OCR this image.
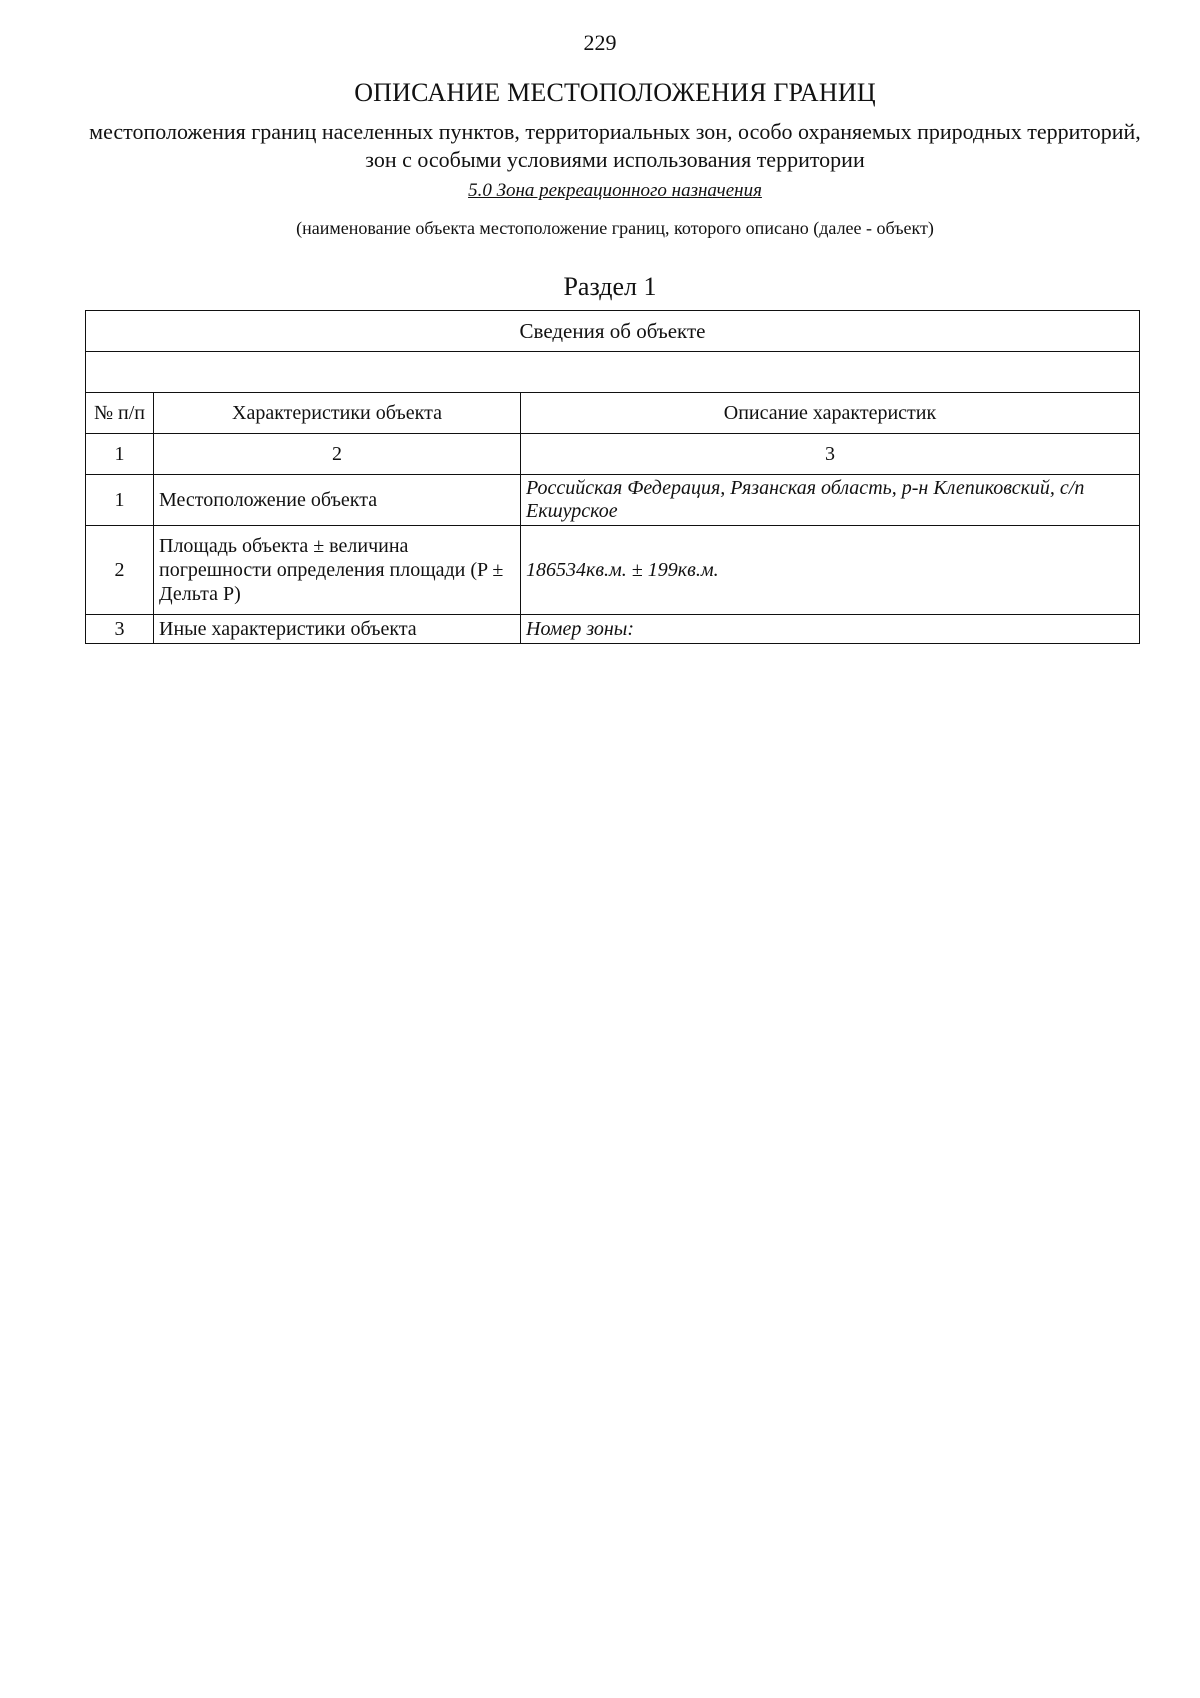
229
ОПИСАНИЕ МЕСТОПОЛОЖЕНИЯ ГРАНИЦ
местоположения границ населенных пунктов, территориальных зон, особо охраняемых природных территорий, зон с особыми условиями использования территории
5.0 Зона рекреационного назначения
(наименование объекта местоположение границ, которого описано (далее - объект)
Раздел 1
Сведения об объекте		

№ п/п	Характеристики объекта	Описание характеристик
1	2	3
1	Местоположение объекта	Российская Федерация, Рязанская область, р-н Клепиковский, с/п Екшурское
2	Площадь объекта ± величина погрешности определения площади (P ± Дельта P)	186534кв.м. ± 199кв.м.
3	Иные характеристики объекта	Номер зоны:
